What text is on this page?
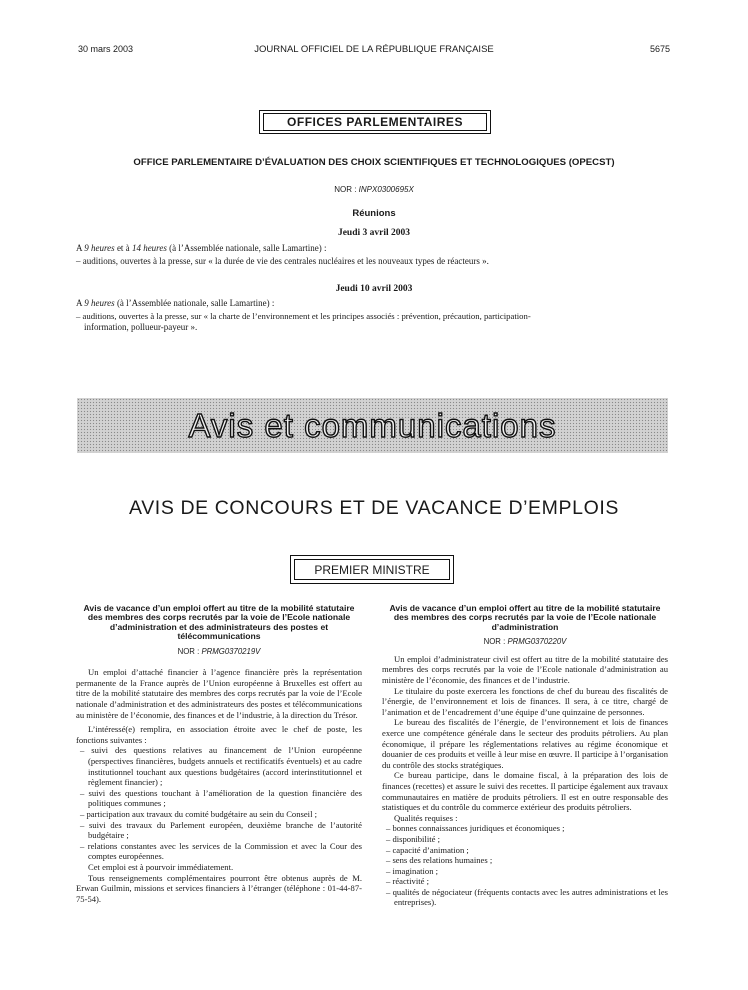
30 mars 2003	JOURNAL OFFICIEL DE LA RÉPUBLIQUE FRANÇAISE	5675
OFFICES PARLEMENTAIRES
OFFICE PARLEMENTAIRE D’ÉVALUATION DES CHOIX SCIENTIFIQUES ET TECHNOLOGIQUES (OPECST)
NOR : INPX0300695X
Réunions
Jeudi 3 avril 2003
A 9 heures et à 14 heures (à l’Assemblée nationale, salle Lamartine) :
– auditions, ouvertes à la presse, sur « la durée de vie des centrales nucléaires et les nouveaux types de réacteurs ».
Jeudi 10 avril 2003
A 9 heures (à l’Assemblée nationale, salle Lamartine) :
– auditions, ouvertes à la presse, sur « la charte de l’environnement et les principes associés : prévention, précaution, participation-
information, pollueur-payeur ».
Avis et communications
AVIS DE CONCOURS ET DE VACANCE D’EMPLOIS
PREMIER MINISTRE
Avis de vacance d’un emploi offert au titre de la mobilité statutaire des membres des corps recrutés par la voie de l’Ecole nationale d’administration et des administrateurs des postes et télécommunications
NOR : PRMG0370219V

Un emploi d’attaché financier à l’agence financière près la représentation permanente de la France auprès de l’Union européenne à Bruxelles est offert au titre de la mobilité statutaire des membres des corps recrutés par la voie de l’Ecole nationale d’administration et des administrateurs des postes et télécommunications au ministère de l’économie, des finances et de l’industrie, à la direction du Trésor.

L’intéressé(e) remplira, en association étroite avec le chef de poste, les fonctions suivantes :

– suivi des questions relatives au financement de l’Union européenne (perspectives financières, budgets annuels et rectificatifs éventuels) et au cadre institutionnel touchant aux questions budgétaires (accord interinstitutionnel et règlement financier) ;
– suivi des questions touchant à l’amélioration de la question financière des politiques communes ;
– participation aux travaux du comité budgétaire au sein du Conseil ;
– suivi des travaux du Parlement européen, deuxième branche de l’autorité budgétaire ;
– relations constantes avec les services de la Commission et avec la Cour des comptes européennes.

Cet emploi est à pourvoir immédiatement.

Tous renseignements complémentaires pourront être obtenus auprès de M. Erwan Guilmin, missions et services financiers à l’étranger (téléphone : 01-44-87-75-54).

Avis de vacance d’un emploi offert au titre de la mobilité statutaire des membres des corps recrutés par la voie de l’Ecole nationale d’administration
NOR : PRMG0370220V

Un emploi d’administrateur civil est offert au titre de la mobilité statutaire des membres des corps recrutés par la voie de l’Ecole nationale d’administration au ministère de l’économie, des finances et de l’industrie.

Le titulaire du poste exercera les fonctions de chef du bureau des fiscalités de l’énergie, de l’environnement et lois de finances. Il sera, à ce titre, chargé de l’animation et de l’encadrement d’une équipe d’une quinzaine de personnes.

Le bureau des fiscalités de l’énergie, de l’environnement et lois de finances exerce une compétence générale dans le secteur des produits pétroliers. Au plan économique, il prépare les réglementations relatives au régime économique et douanier de ces produits et veille à leur mise en œuvre. Il participe à l’organisation du contrôle des stocks stratégiques.

Ce bureau participe, dans le domaine fiscal, à la préparation des lois de finances (recettes) et assure le suivi des recettes. Il participe également aux travaux communautaires en matière de produits pétroliers. Il est en outre responsable des statistiques et du contrôle du commerce extérieur des produits pétroliers.

Qualités requises :

– bonnes connaissances juridiques et économiques ;
– disponibilité ;
– capacité d’animation ;
– sens des relations humaines ;
– imagination ;
– réactivité ;
– qualités de négociateur (fréquents contacts avec les autres administrations et les entreprises).
